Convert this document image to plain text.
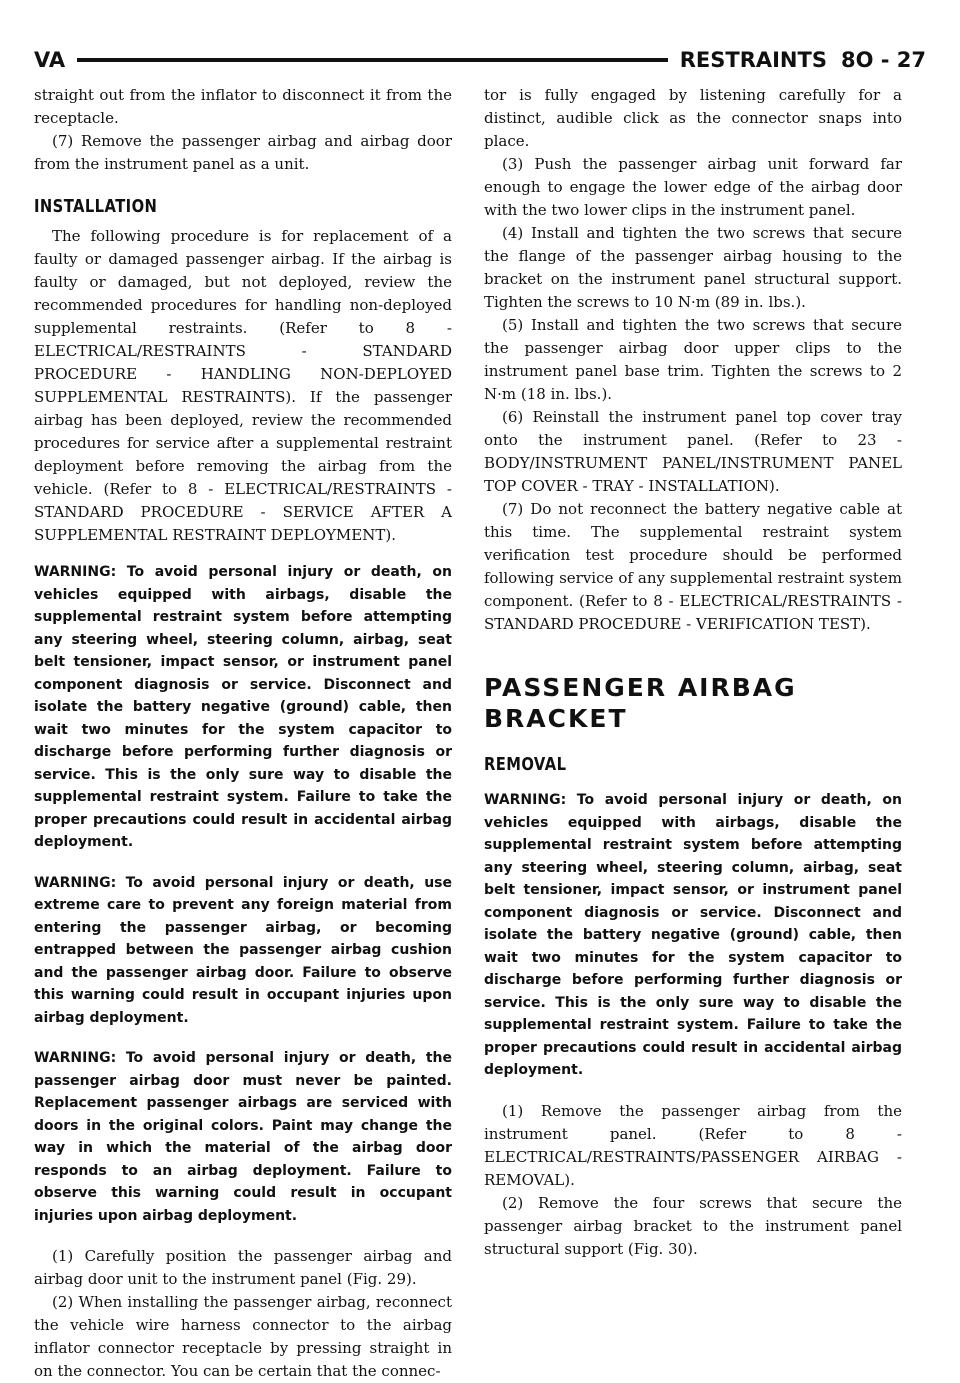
VA	RESTRAINTS 8O - 27

straight out from the inflator to disconnect it from the receptacle.

(7) Remove the passenger airbag and airbag door from the instrument panel as a unit.

INSTALLATION

The following procedure is for replacement of a faulty or damaged passenger airbag. If the airbag is faulty or damaged, but not deployed, review the recommended procedures for handling non-deployed supplemental restraints. (Refer to 8 - ELECTRICAL/RESTRAINTS - STANDARD PROCEDURE - HANDLING NON-DEPLOYED SUPPLEMENTAL RESTRAINTS). If the passenger airbag has been deployed, review the recommended procedures for service after a supplemental restraint deployment before removing the airbag from the vehicle. (Refer to 8 - ELECTRICAL/RESTRAINTS - STANDARD PROCEDURE - SERVICE AFTER A SUPPLEMENTAL RESTRAINT DEPLOYMENT).

WARNING: To avoid personal injury or death, on vehicles equipped with airbags, disable the supplemental restraint system before attempting any steering wheel, steering column, airbag, seat belt tensioner, impact sensor, or instrument panel component diagnosis or service. Disconnect and isolate the battery negative (ground) cable, then wait two minutes for the system capacitor to discharge before performing further diagnosis or service. This is the only sure way to disable the supplemental restraint system. Failure to take the proper precautions could result in accidental airbag deployment.
WARNING: To avoid personal injury or death, use extreme care to prevent any foreign material from entering the passenger airbag, or becoming entrapped between the passenger airbag cushion and the passenger airbag door. Failure to observe this warning could result in occupant injuries upon airbag deployment.
WARNING: To avoid personal injury or death, the passenger airbag door must never be painted. Replacement passenger airbags are serviced with doors in the original colors. Paint may change the way in which the material of the airbag door responds to an airbag deployment. Failure to observe this warning could result in occupant injuries upon airbag deployment.

(1) Carefully position the passenger airbag and airbag door unit to the instrument panel (Fig. 29).

(2) When installing the passenger airbag, reconnect the vehicle wire harness connector to the airbag inflator connector receptacle by pressing straight in on the connector. You can be certain that the connec-

tor is fully engaged by listening carefully for a distinct, audible click as the connector snaps into place.

(3) Push the passenger airbag unit forward far enough to engage the lower edge of the airbag door with the two lower clips in the instrument panel.

(4) Install and tighten the two screws that secure the flange of the passenger airbag housing to the bracket on the instrument panel structural support. Tighten the screws to 10 N·m (89 in. lbs.).

(5) Install and tighten the two screws that secure the passenger airbag door upper clips to the instrument panel base trim. Tighten the screws to 2 N·m (18 in. lbs.).

(6) Reinstall the instrument panel top cover tray onto the instrument panel. (Refer to 23 - BODY/INSTRUMENT PANEL/INSTRUMENT PANEL TOP COVER - TRAY - INSTALLATION).

(7) Do not reconnect the battery negative cable at this time. The supplemental restraint system verification test procedure should be performed following service of any supplemental restraint system component. (Refer to 8 - ELECTRICAL/RESTRAINTS - STANDARD PROCEDURE - VERIFICATION TEST).

PASSENGER AIRBAG BRACKET
REMOVAL
WARNING: To avoid personal injury or death, on vehicles equipped with airbags, disable the supplemental restraint system before attempting any steering wheel, steering column, airbag, seat belt tensioner, impact sensor, or instrument panel component diagnosis or service. Disconnect and isolate the battery negative (ground) cable, then wait two minutes for the system capacitor to discharge before performing further diagnosis or service. This is the only sure way to disable the supplemental restraint system. Failure to take the proper precautions could result in accidental airbag deployment.

(1) Remove the passenger airbag from the instrument panel. (Refer to 8 - ELECTRICAL/RESTRAINTS/PASSENGER AIRBAG - REMOVAL).

(2) Remove the four screws that secure the passenger airbag bracket to the instrument panel structural support (Fig. 30).
